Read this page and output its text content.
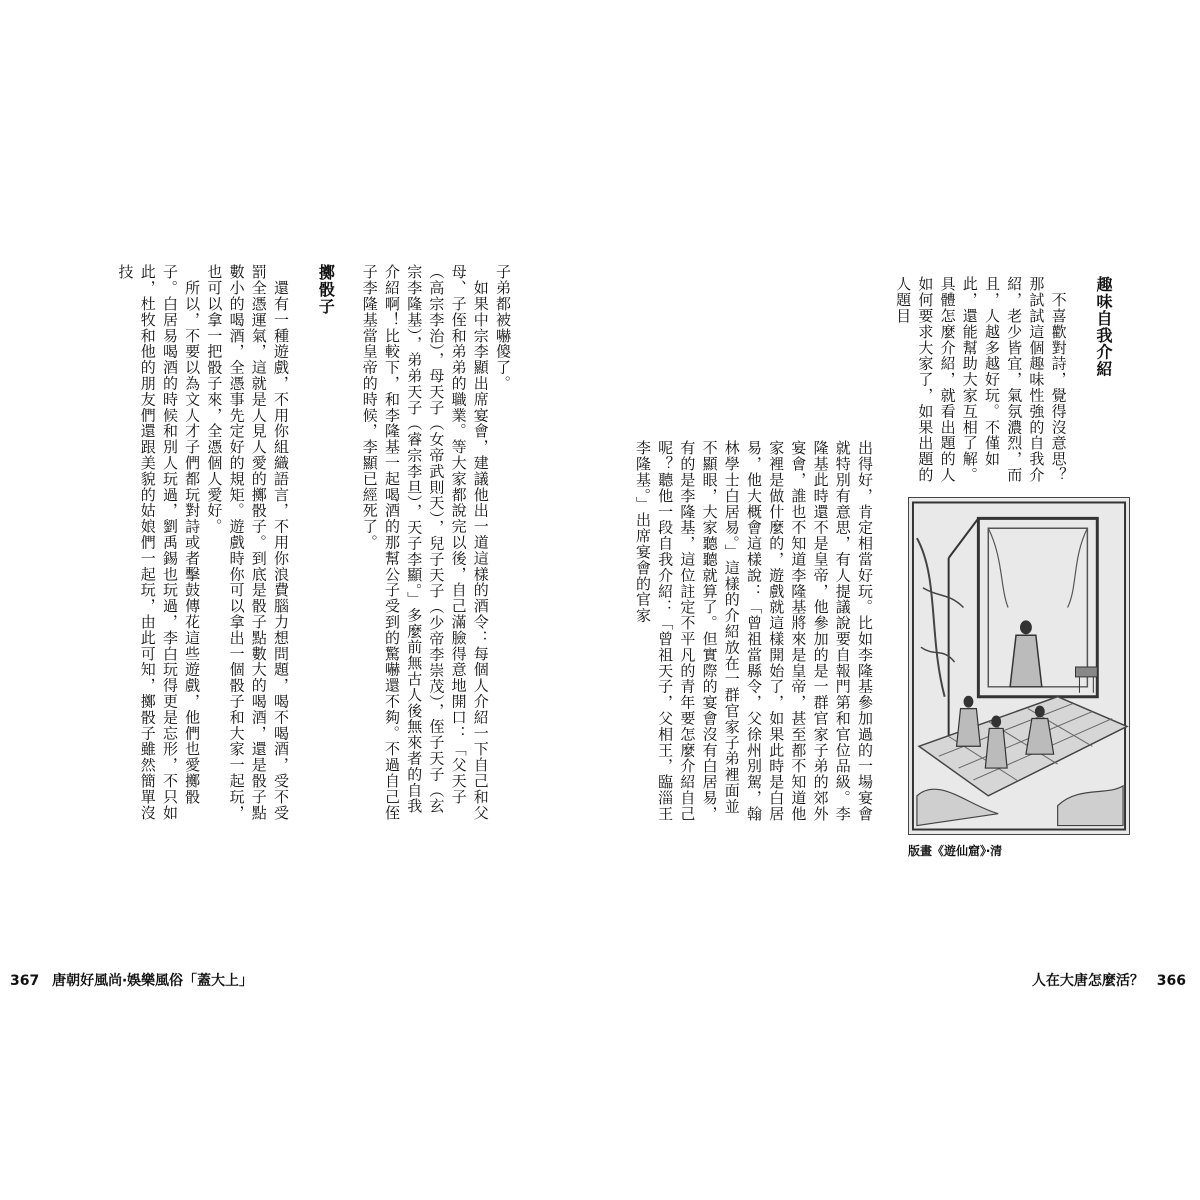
子弟都被嚇傻了。

　如果中宗李顯出席宴會，建議他出一道這樣的酒令：每個人介紹一下自己和父母、子侄和弟弟的職業。等大家都說完以後，自己滿臉得意地開口：「父天子（高宗李治），母天子（女帝武則天），兒子天子（少帝李崇茂），侄子天子（玄宗李隆基），弟弟天子（睿宗李旦），天子李顯。」多麼前無古人後無來者的自我介紹啊！比較下，和李隆基一起喝酒的那幫公子受到的驚嚇還不夠。不過自己侄子李隆基當皇帝的時候，李顯已經死了。

擲骰子

　還有一種遊戲，不用你組織語言，不用你浪費腦力想問題，喝不喝酒，受不受罰全憑運氣，這就是人見人愛的擲骰子。到底是骰子點數大的喝酒，還是骰子點數小的喝酒，全憑事先定好的規矩。遊戲時你可以拿出一個骰子和大家一起玩，也可以拿一把骰子來，全憑個人愛好。

　所以，不要以為文人才子們都玩對詩或者擊鼓傳花這些遊戲，他們也愛擲骰子。白居易喝酒的時候和別人玩過，劉禹錫也玩過，李白玩得更是忘形，不只如此，杜牧和他的朋友們還跟美貌的姑娘們一起玩，由此可知，擲骰子雖然簡單沒技

趣味自我介紹

　不喜歡對詩，覺得沒意思？那試試這個趣味性強的自我介紹，老少皆宜，氣氛濃烈，而且，人越多越好玩。不僅如此，還能幫助大家互相了解。具體怎麼介紹，就看出題的人如何要求大家了，如果出題的人題目

出得好，肯定相當好玩。比如李隆基參加過的一場宴會就特別有意思，有人提議說要自報門第和官位品級。李隆基此時還不是皇帝，他參加的是一群官家子弟的郊外宴會，誰也不知道李隆基將來是皇帝，甚至都不知道他家裡是做什麼的，遊戲就這樣開始了，如果此時是白居易，他大概會這樣說：「曾祖當縣令，父徐州別駕，翰林學士白居易。」這樣的介紹放在一群官家子弟裡面並不顯眼，大家聽聽就算了。但實際的宴會沒有白居易，有的是李隆基，這位註定不平凡的青年要怎麼介紹自己呢？聽他一段自我介紹：「曾祖天子，父相王，臨淄王李隆基。」出席宴會的官家

版畫《遊仙窟》‧清
367 唐朝好風尚‧娛樂風俗「蓋大上」	人在大唐怎麼活？ 366
